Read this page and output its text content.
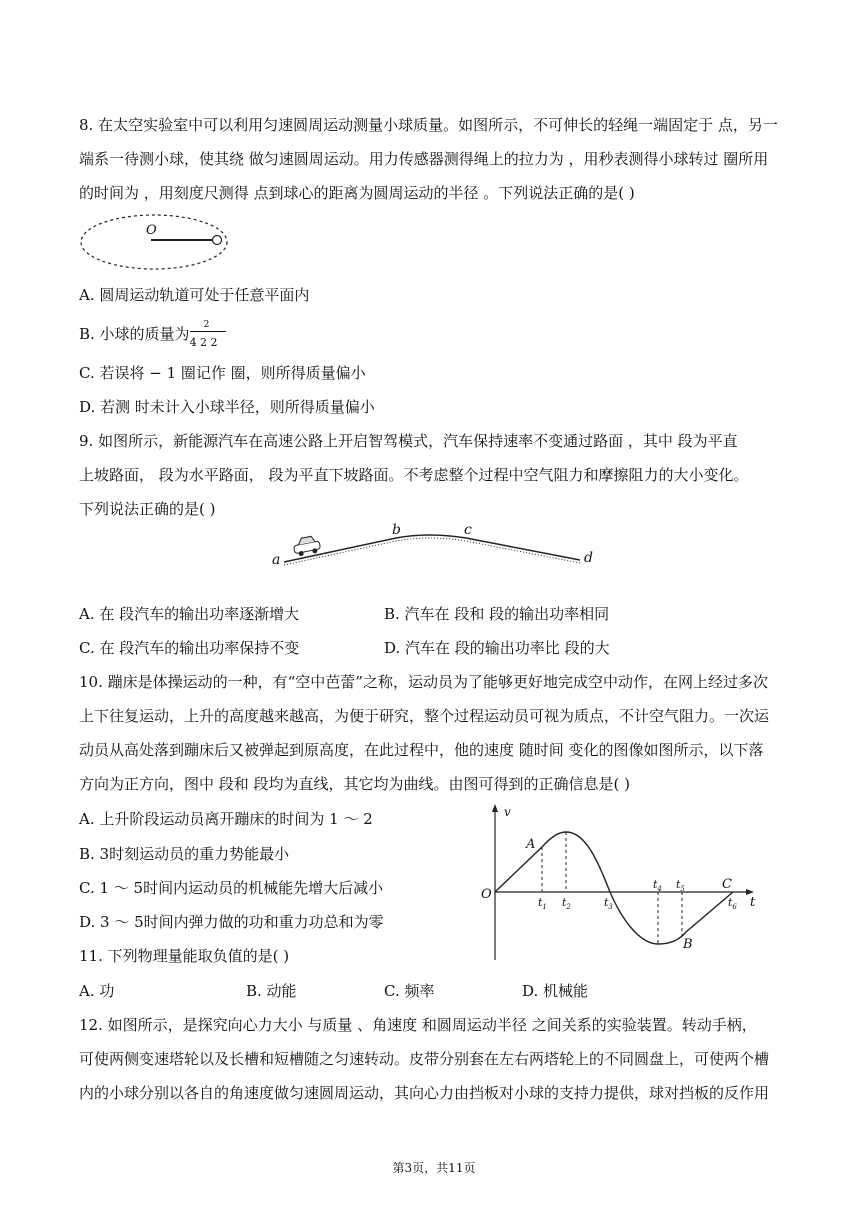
8. 在太空实验室中可以利用匀速圆周运动测量小球质量。如图所示，不可伸长的轻绳一端固定于 点，另一
端系一待测小球，使其绕 做匀速圆周运动。用力传感器测得绳上的拉力为 ，用秒表测得小球转过 圈所用
的时间为 ，用刻度尺测得 点到球心的距离为圆周运动的半径 。下列说法正确的是( )
O
A. 圆周运动轨道可处于任意平面内
B. 小球的质量为 2
4 2 2
C. 若误将 − 1 圈记作 圈，则所得质量偏小
D. 若测 时未计入小球半径，则所得质量偏小
9. 如图所示，新能源汽车在高速公路上开启智驾模式，汽车保持速率不变通过路面 ，其中 段为平直
上坡路面， 段为水平路面， 段为平直下坡路面。不考虑整个过程中空气阻力和摩擦阻力的大小变化。
下列说法正确的是( )
a
b	c
d
A. 在 段汽车的输出功率逐渐增大	B. 汽车在 段和 段的输出功率相同
C. 在 段汽车的输出功率保持不变	D. 汽车在 段的输出功率比 段的大
10. 蹦床是体操运动的一种，有“空中芭蕾”之称，运动员为了能够更好地完成空中动作，在网上经过多次
上下往复运动，上升的高度越来越高，为便于研究，整个过程运动员可视为质点，不计空气阻力。一次运
动员从高处落到蹦床后又被弹起到原高度，在此过程中，他的速度 随时间 变化的图像如图所示，以下落
方向为正方向，图中 段和 段均为直线，其它均为曲线。由图可得到的正确信息是( )
A. 上升阶段运动员离开蹦床的时间为 1 ～ 2
B. 3时刻运动员的重力势能最小
C. 1 ～ 5时间内运动员的机械能先增大后减小
D. 3 ～ 5时间内弹力做的功和重力功总和为零
v
t
O
A
B
C
$t_1$ $t_2$	$t_3$
$t_4$ $t_5$
$t_6$
11. 下列物理量能取负值的是( )
A. 功	B. 动能	C. 频率	D. 机械能
12. 如图所示，是探究向心力大小 与质量 、角速度 和圆周运动半径 之间关系的实验装置。转动手柄，
可使两侧变速塔轮以及长槽和短槽随之匀速转动。皮带分别套在左右两塔轮上的不同圆盘上，可使两个槽
内的小球分别以各自的角速度做匀速圆周运动，其向心力由挡板对小球的支持力提供，球对挡板的反作用
第3页，共11页
